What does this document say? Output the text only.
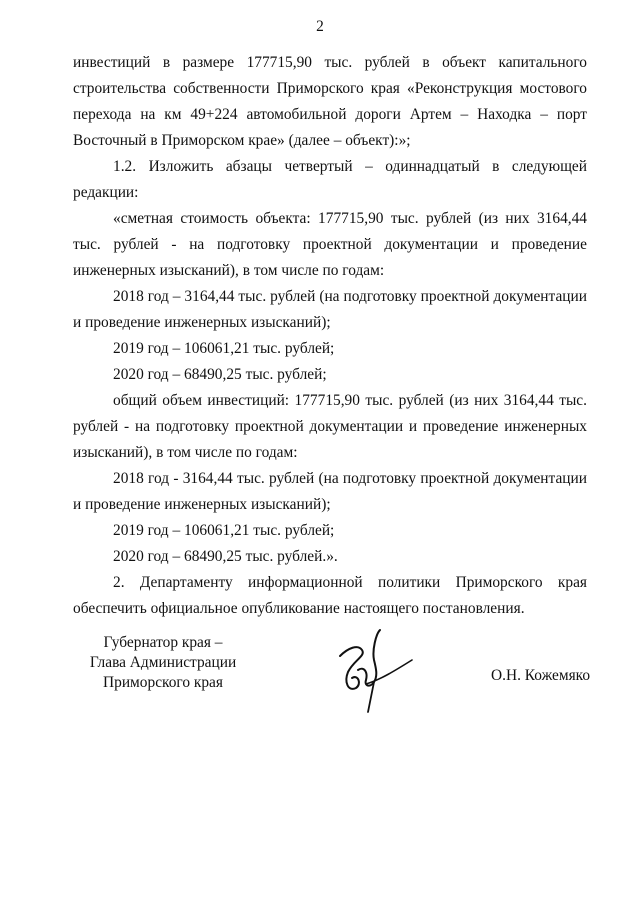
2

инвестиций в размере 177715,90 тыс. рублей в объект капитального строительства собственности Приморского края «Реконструкция мостового перехода на км 49+224 автомобильной дороги Артем – Находка – порт Восточный в Приморском крае» (далее – объект):»;

1.2. Изложить абзацы четвертый – одиннадцатый в следующей редакции:

«сметная стоимость объекта: 177715,90 тыс. рублей (из них 3164,44 тыс. рублей - на подготовку проектной документации и проведение инженерных изысканий), в том числе по годам:

2018 год – 3164,44 тыс. рублей (на подготовку проектной документации и проведение инженерных изысканий);

2019 год – 106061,21 тыс. рублей;

2020 год – 68490,25 тыс. рублей;

общий объем инвестиций: 177715,90 тыс. рублей (из них 3164,44 тыс. рублей - на подготовку проектной документации и проведение инженерных изысканий), в том числе по годам:

2018 год - 3164,44 тыс. рублей (на подготовку проектной документации и проведение инженерных изысканий);

2019 год – 106061,21 тыс. рублей;

2020 год – 68490,25 тыс. рублей.».

2. Департаменту информационной политики Приморского края обеспечить официальное опубликование настоящего постановления.

Губернатор края –
Глава Администрации
Приморского края	О.Н. Кожемяко
